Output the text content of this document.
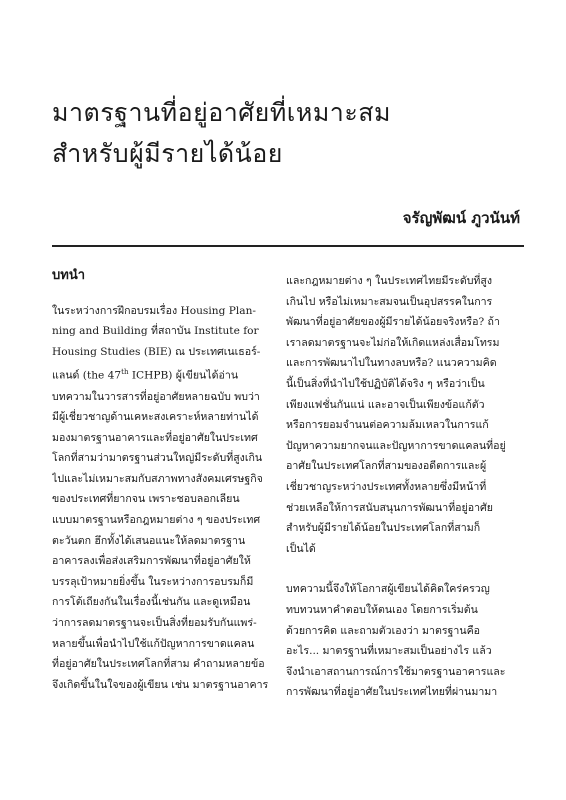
มาตรฐานที่อยู่อาศัยที่เหมาะสม
สำหรับผู้มีรายได้น้อย
จรัญพัฒน์ ภูวนันท์
บทนำ
ในระหว่างการฝึกอบรมเรื่อง Housing Plan-
ning and Building ที่สถาบัน Institute for
Housing Studies (BIE) ณ ประเทศเนเธอร์-
แลนด์ (the 47th ICHPB) ผู้เขียนได้อ่าน
บทความในวารสารที่อยู่อาศัยหลายฉบับ พบว่า
มีผู้เชี่ยวชาญด้านเคหะสงเคราะห์หลายท่านได้
มองมาตรฐานอาคารและที่อยู่อาศัยในประเทศ
โลกที่สามว่ามาตรฐานส่วนใหญ่มีระดับที่สูงเกิน
ไปและไม่เหมาะสมกับสภาพทางสังคมเศรษฐกิจ
ของประเทศที่ยากจน เพราะชอบลอกเลียน
แบบมาตรฐานหรือกฎหมายต่าง ๆ ของประเทศ
ตะวันตก ฮึกทั้งได้เสนอแนะให้ลดมาตรฐาน
อาคารลงเพื่อส่งเสริมการพัฒนาที่อยู่อาศัยให้
บรรลุเป้าหมายยิ่งขึ้น ในระหว่างการอบรมก็มี
การโต้เถียงกันในเรื่องนี้เช่นกัน และดูเหมือน
ว่าการลดมาตรฐานจะเป็นสิ่งที่ยอมรับกันแพร่-
หลายขึ้นเพื่อนำไปใช้แก้ปัญหาการขาดแคลน
ที่อยู่อาศัยในประเทศโลกที่สาม คำถามหลายข้อ
จึงเกิดขึ้นในใจของผู้เขียน เช่น มาตรฐานอาคาร
และกฎหมายต่าง ๆ ในประเทศไทยมีระดับที่สูง
เกินไป หรือไม่เหมาะสมจนเป็นอุปสรรคในการ
พัฒนาที่อยู่อาศัยของผู้มีรายได้น้อยจริงหรือ? ถ้า
เราลดมาตรฐานจะไม่ก่อให้เกิดแหล่งเสื่อมโทรม
และการพัฒนาไปในทางลบหรือ? แนวความคิด
นี้เป็นสิ่งที่นำไปใช้ปฏิบัติได้จริง ๆ หรือว่าเป็น
เพียงแฟชั่นกันแน่ และอาจเป็นเพียงข้อแก้ตัว
หรือการยอมจำนนต่อความล้มเหลวในการแก้
ปัญหาความยากจนและปัญหาการขาดแคลนที่อยู่
อาศัยในประเทศโลกที่สามของอดีตการและผู้
เชี่ยวชาญระหว่างประเทศทั้งหลายซึ่งมีหน้าที่
ช่วยเหลือให้การสนับสนุนการพัฒนาที่อยู่อาศัย
สำหรับผู้มีรายได้น้อยในประเทศโลกที่สามก็
เป็นได้
บทความนี้จึงให้โอกาสผู้เขียนได้คิดใคร่ครวญ
ทบทวนหาคำตอบให้ตนเอง โดยการเริ่มต้น
ด้วยการคิด และถามตัวเองว่า มาตรฐานคือ
อะไร... มาตรฐานที่เหมาะสมเป็นอย่างไร แล้ว
จึงนำเอาสถานการณ์การใช้มาตรฐานอาคารและ
การพัฒนาที่อยู่อาศัยในประเทศไทยที่ผ่านมามา
